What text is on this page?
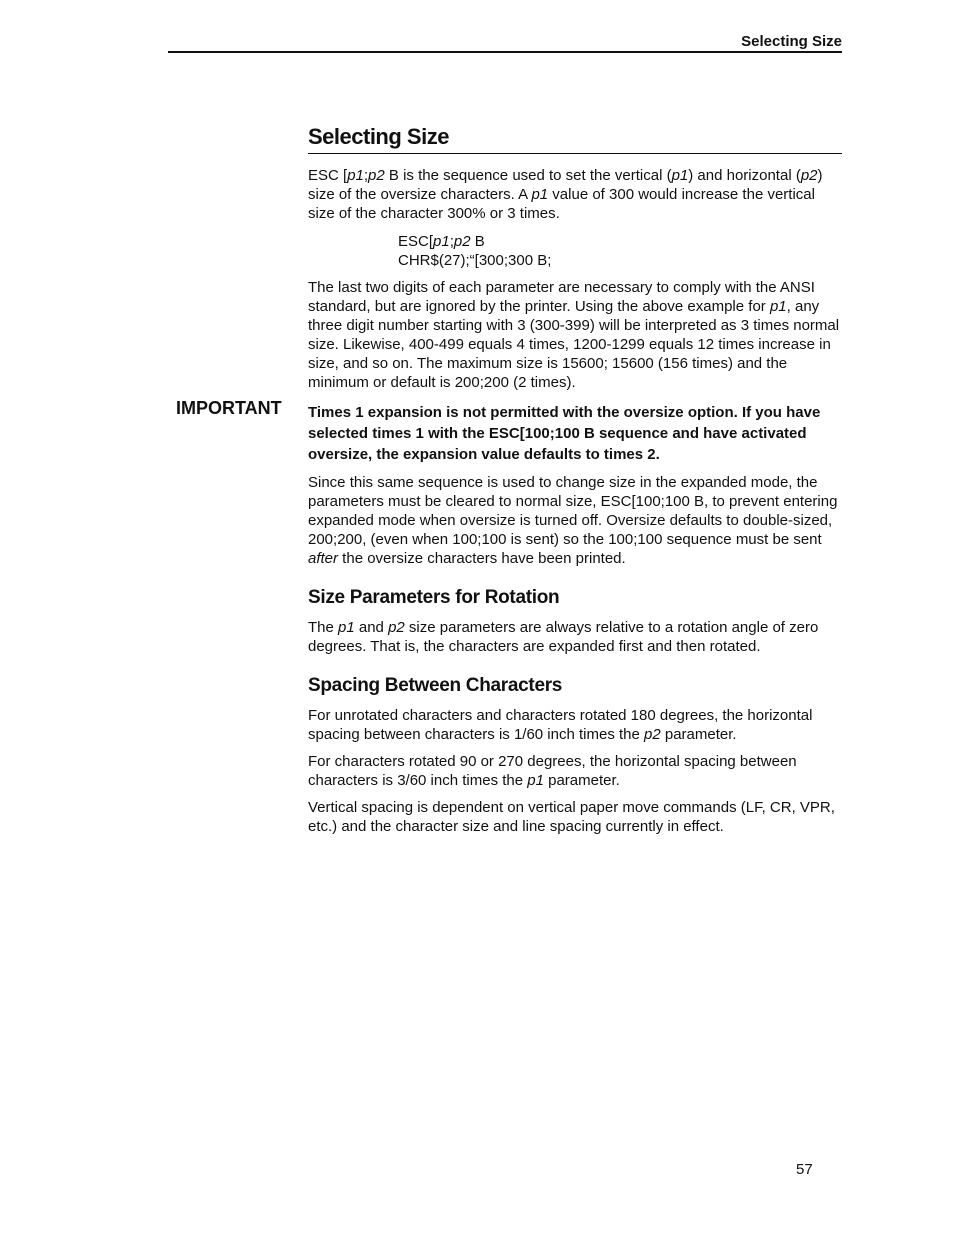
Selecting Size
Selecting Size

ESC [p1;p2 B is the sequence used to set the vertical (p1) and horizontal (p2) size of the oversize characters. A p1 value of 300 would increase the vertical size of the character 300% or 3 times.

ESC[p1;p2 B
CHR$(27);“[300;300 B;

The last two digits of each parameter are necessary to comply with the ANSI standard, but are ignored by the printer. Using the above example for p1, any three digit number starting with 3 (300-399) will be interpreted as 3 times normal size. Likewise, 400-499 equals 4 times, 1200-1299 equals 12 times increase in size, and so on. The maximum size is 15600; 15600 (156 times) and the minimum or default is 200;200 (2 times).

IMPORTANT Times 1 expansion is not permitted with the oversize option. If you have selected times 1 with the ESC[100;100 B sequence and have activated oversize, the expansion value defaults to times 2.

Since this same sequence is used to change size in the expanded mode, the parameters must be cleared to normal size, ESC[100;100 B, to prevent entering expanded mode when oversize is turned off. Oversize defaults to double-sized, 200;200, (even when 100;100 is sent) so the 100;100 sequence must be sent after the oversize characters have been printed.

Size Parameters for Rotation

The p1 and p2 size parameters are always relative to a rotation angle of zero degrees. That is, the characters are expanded first and then rotated.

Spacing Between Characters

For unrotated characters and characters rotated 180 degrees, the horizontal spacing between characters is 1/60 inch times the p2 parameter.

For characters rotated 90 or 270 degrees, the horizontal spacing between characters is 3/60 inch times the p1 parameter.

Vertical spacing is dependent on vertical paper move commands (LF, CR, VPR, etc.) and the character size and line spacing currently in effect.

57
